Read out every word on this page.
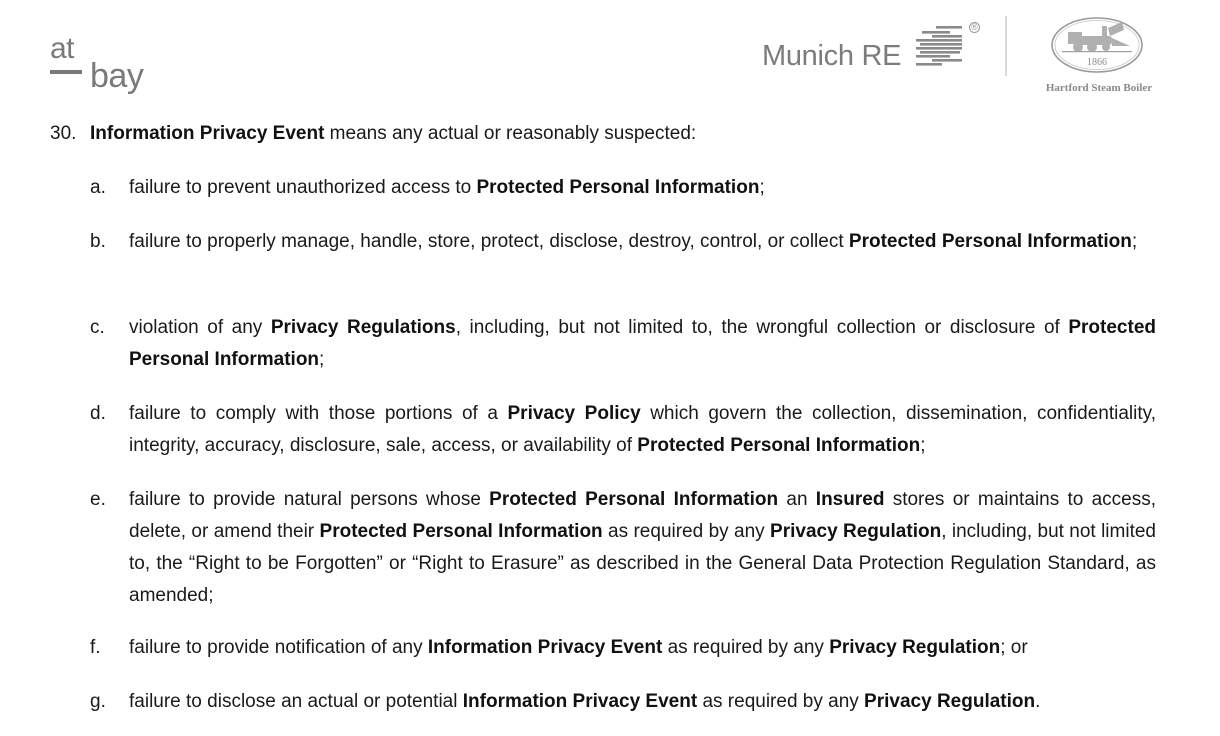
at
bay
Munich RE
®
1866
Hartford Steam Boiler
30. Information Privacy Event means any actual or reasonably suspected:
a.	failure to prevent unauthorized access to Protected Personal Information;
b.	failure to properly manage, handle, store, protect, disclose, destroy, control, or collect Protected Personal Information;
c.	violation of any Privacy Regulations, including, but not limited to, the wrongful collection or disclosure of Protected Personal Information;
d.	failure to comply with those portions of a Privacy Policy which govern the collection, dissemination, confidentiality, integrity, accuracy, disclosure, sale, access, or availability of Protected Personal Information;
e.	failure to provide natural persons whose Protected Personal Information an Insured stores or maintains to access, delete, or amend their Protected Personal Information as required by any Privacy Regulation, including, but not limited to, the “Right to be Forgotten” or “Right to Erasure” as described in the General Data Protection Regulation Standard, as amended;
f.	failure to provide notification of any Information Privacy Event as required by any Privacy Regulation; or
g.	failure to disclose an actual or potential Information Privacy Event as required by any Privacy Regulation.
